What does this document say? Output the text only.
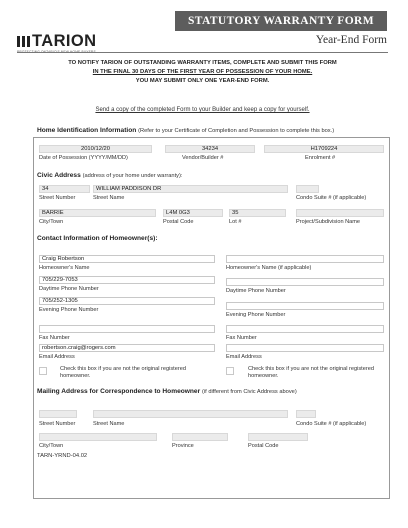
STATUTORY WARRANTY FORM
Year-End Form
TARION
TO NOTIFY TARION OF OUTSTANDING WARRANTY ITEMS, COMPLETE AND SUBMIT THIS FORM
IN THE FINAL 30 DAYS OF THE FIRST YEAR OF POSSESSION OF YOUR HOME.
YOU MAY SUBMIT ONLY ONE YEAR-END FORM.
Send a copy of the completed Form to your Builder and keep a copy for yourself.
Home Identification Information (Refer to your Certificate of Completion and Possession to complete this box.)
2010/12/20	34234	H1709224
Date of Possession (YYYY/MM/DD)	Vendor/Builder #	Enrolment #
Civic Address (address of your home under warranty):
34	WILLIAM PADDISON DR
Street Number	Street Name	Condo Suite # (if applicable)
BARRIE	L4M 0G3	35
City/Town	Postal Code	Lot #	Project/Subdivision Name
Contact Information of Homeowner(s):
Craig Robertson
Homeowner's Name
705/229-7053
Daytime Phone Number
705/252-1305
Evening Phone Number
Fax Number
robertson.craig@rogers.com
Email Address
Check this box if you are not the original registered homeowner.
Homeowner's Name (if applicable)
Daytime Phone Number
Evening Phone Number
Fax Number
Email Address
Check this box if you are not the original registered homeowner.
Mailing Address for Correspondence to Homeowner (if different from Civic Address above)
Street Number	Street Name	Condo Suite # (if applicable)
City/Town	Province	Postal Code
TARN-YRND-04.02
